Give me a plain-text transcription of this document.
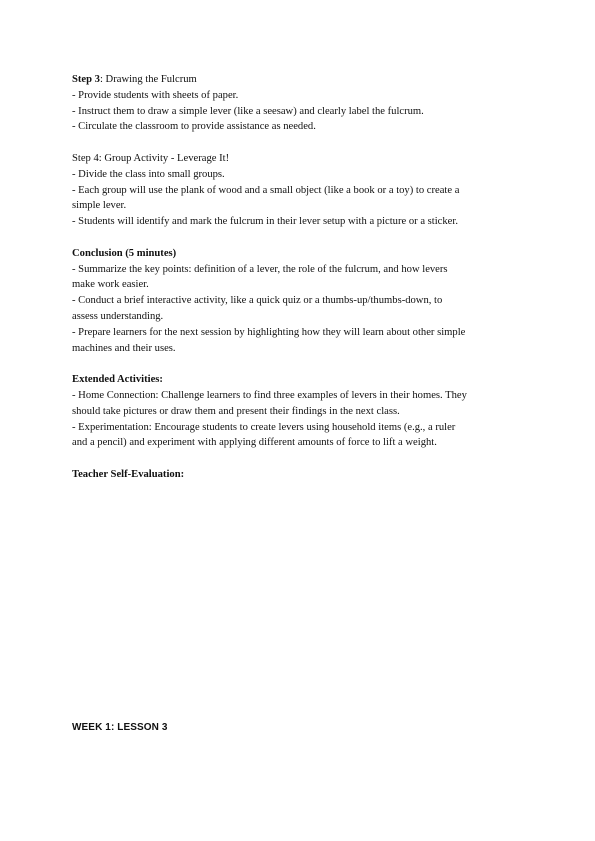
Step 3: Drawing the Fulcrum
- Provide students with sheets of paper.
- Instruct them to draw a simple lever (like a seesaw) and clearly label the fulcrum.
- Circulate the classroom to provide assistance as needed.
Step 4: Group Activity - Leverage It!
- Divide the class into small groups.
- Each group will use the plank of wood and a small object (like a book or a toy) to create a
simple lever.
- Students will identify and mark the fulcrum in their lever setup with a picture or a sticker.
Conclusion (5 minutes)
- Summarize the key points: definition of a lever, the role of the fulcrum, and how levers
make work easier.
- Conduct a brief interactive activity, like a quick quiz or a thumbs-up/thumbs-down, to
assess understanding.
- Prepare learners for the next session by highlighting how they will learn about other simple
machines and their uses.
Extended Activities:
- Home Connection: Challenge learners to find three examples of levers in their homes. They
should take pictures or draw them and present their findings in the next class.
- Experimentation: Encourage students to create levers using household items (e.g., a ruler
and a pencil) and experiment with applying different amounts of force to lift a weight.
Teacher Self-Evaluation:
WEEK 1: LESSON 3
